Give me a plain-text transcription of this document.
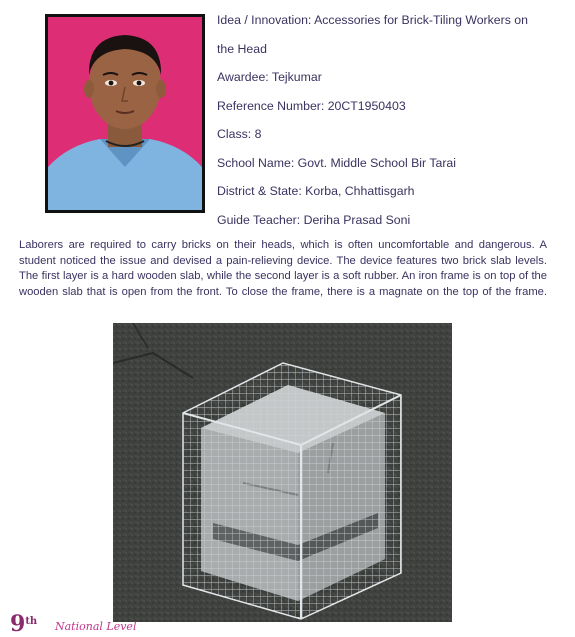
Idea / Innovation: Accessories for Brick-Tiling Workers on
the Head
Awardee: Tejkumar
Reference Number: 20CT1950403
Class: 8
School Name: Govt. Middle School Bir Tarai
District & State: Korba, Chhattisgarh
Guide Teacher: Deriha Prasad Soni
Laborers are required to carry bricks on their heads, which is often uncomfortable and dangerous. A student noticed the issue and devised a pain-relieving device. The device features two brick slab levels. The first layer is a hard wooden slab, while the second layer is a soft rubber. An iron frame is on top of the wooden slab that is open from the front. To close the frame, there is a magnate on the top of the frame.
9th National Level
